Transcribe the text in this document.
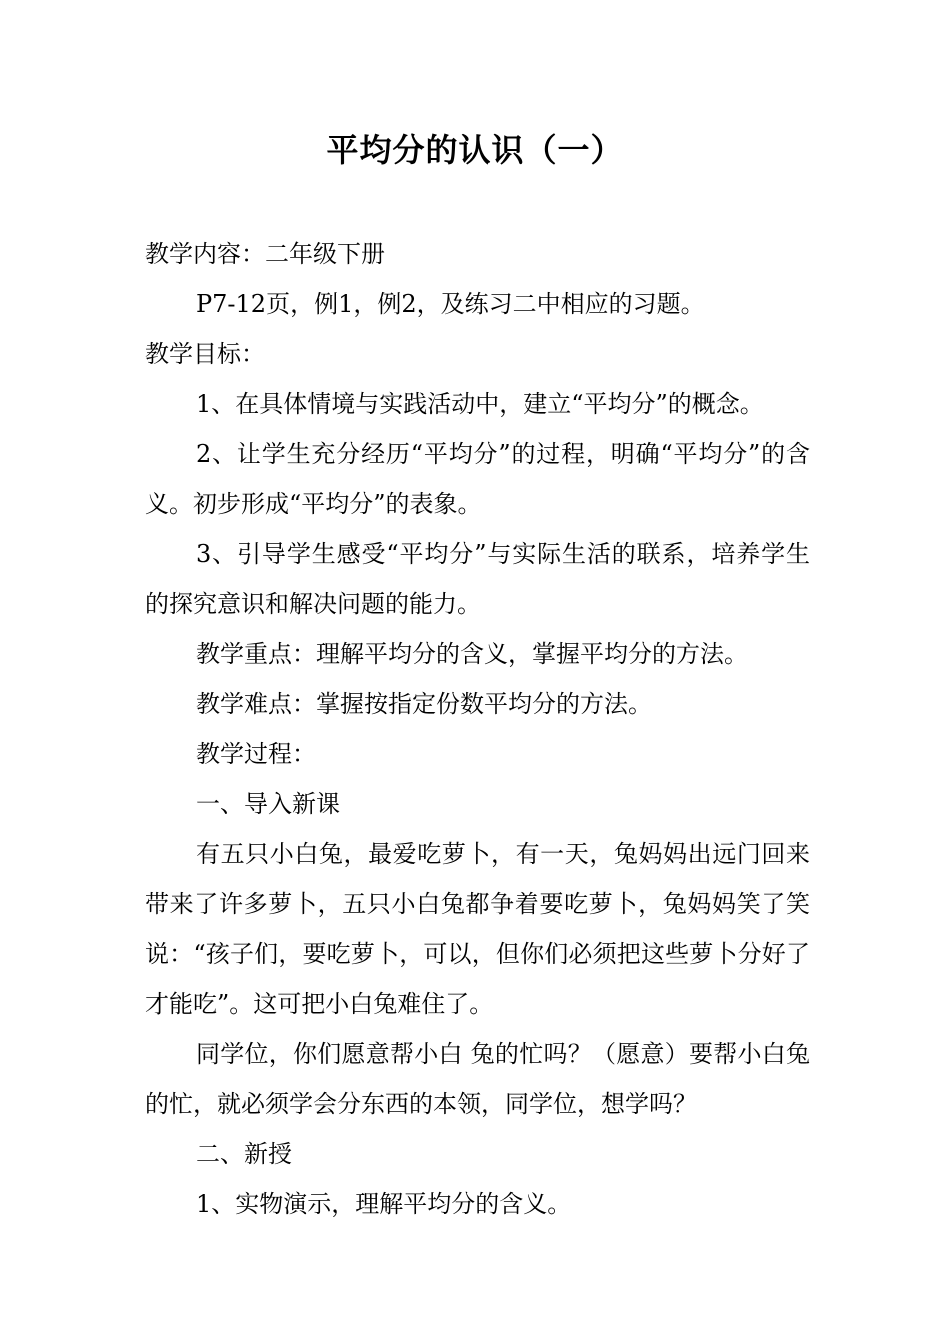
平均分的认识（一）

教学内容：二年级下册

P7-12页，例1，例2，及练习二中相应的习题。

教学目标：

1、在具体情境与实践活动中，建立“平均分”的概念。

2、让学生充分经历“平均分”的过程，明确“平均分”的含义。初步形成“平均分”的表象。

3、引导学生感受“平均分”与实际生活的联系，培养学生的探究意识和解决问题的能力。

教学重点：理解平均分的含义，掌握平均分的方法。

教学难点：掌握按指定份数平均分的方法。

教学过程：

一、导入新课

有五只小白兔，最爱吃萝卜，有一天，兔妈妈出远门回来带来了许多萝卜，五只小白兔都争着要吃萝卜，兔妈妈笑了笑说：“孩子们，要吃萝卜，可以，但你们必须把这些萝卜分好了才能吃”。这可把小白兔难住了。

同学位，你们愿意帮小白 兔的忙吗？（愿意）要帮小白兔的忙，就必须学会分东西的本领，同学位，想学吗？

二、新授

1、实物演示，理解平均分的含义。
